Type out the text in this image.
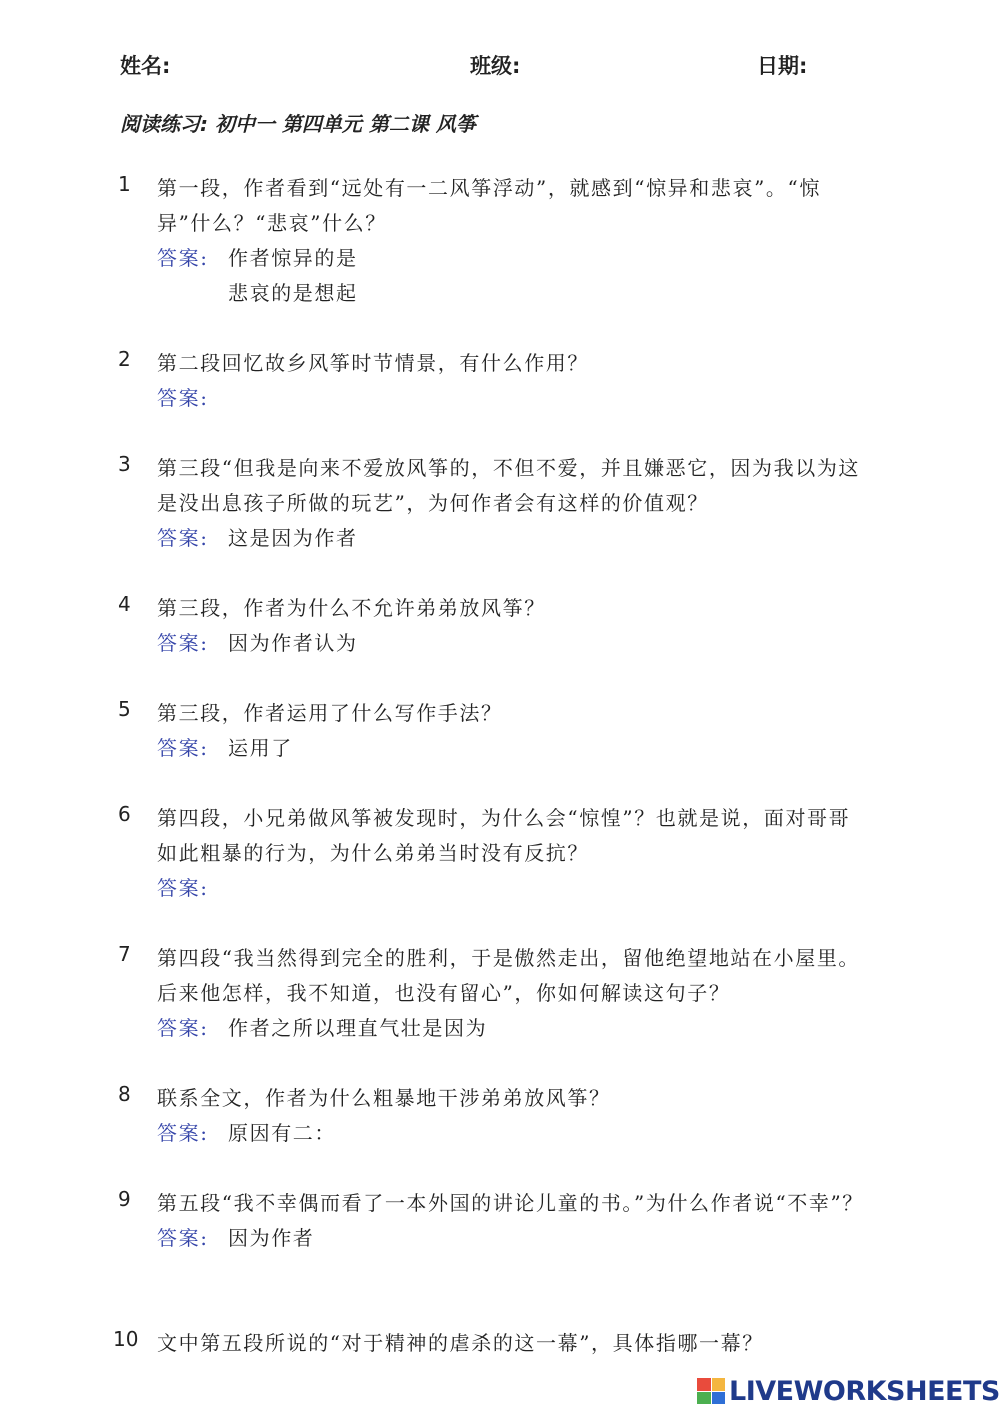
姓名:	班级:	日期:
阅读练习: 初中一 第四单元 第二课 风筝
1 第一段，作者看到“远处有一二风筝浮动”，就感到“惊异和悲哀”。“惊
异”什么？“悲哀”什么？
答案: 作者惊异的是
悲哀的是想起
2 第二段回忆故乡风筝时节情景，有什么作用？
答案:
3 第三段“但我是向来不爱放风筝的，不但不爱，并且嫌恶它，因为我以为这
是没出息孩子所做的玩艺”，为何作者会有这样的价值观？
答案: 这是因为作者
4 第三段，作者为什么不允许弟弟放风筝？
答案: 因为作者认为
5 第三段，作者运用了什么写作手法？
答案: 运用了
6 第四段，小兄弟做风筝被发现时，为什么会“惊惶”？也就是说，面对哥哥
如此粗暴的行为，为什么弟弟当时没有反抗？
答案:
7 第四段“我当然得到完全的胜利，于是傲然走出，留他绝望地站在小屋里。
后来他怎样，我不知道，也没有留心”，你如何解读这句子？
答案: 作者之所以理直气壮是因为
8 联系全文，作者为什么粗暴地干涉弟弟放风筝？
答案: 原因有二：
9 第五段“我不幸偶而看了一本外国的讲论儿童的书。”为什么作者说“不幸”？
答案: 因为作者
10 文中第五段所说的“对于精神的虐杀的这一幕”，具体指哪一幕？
LIVEWORKSHEETS
